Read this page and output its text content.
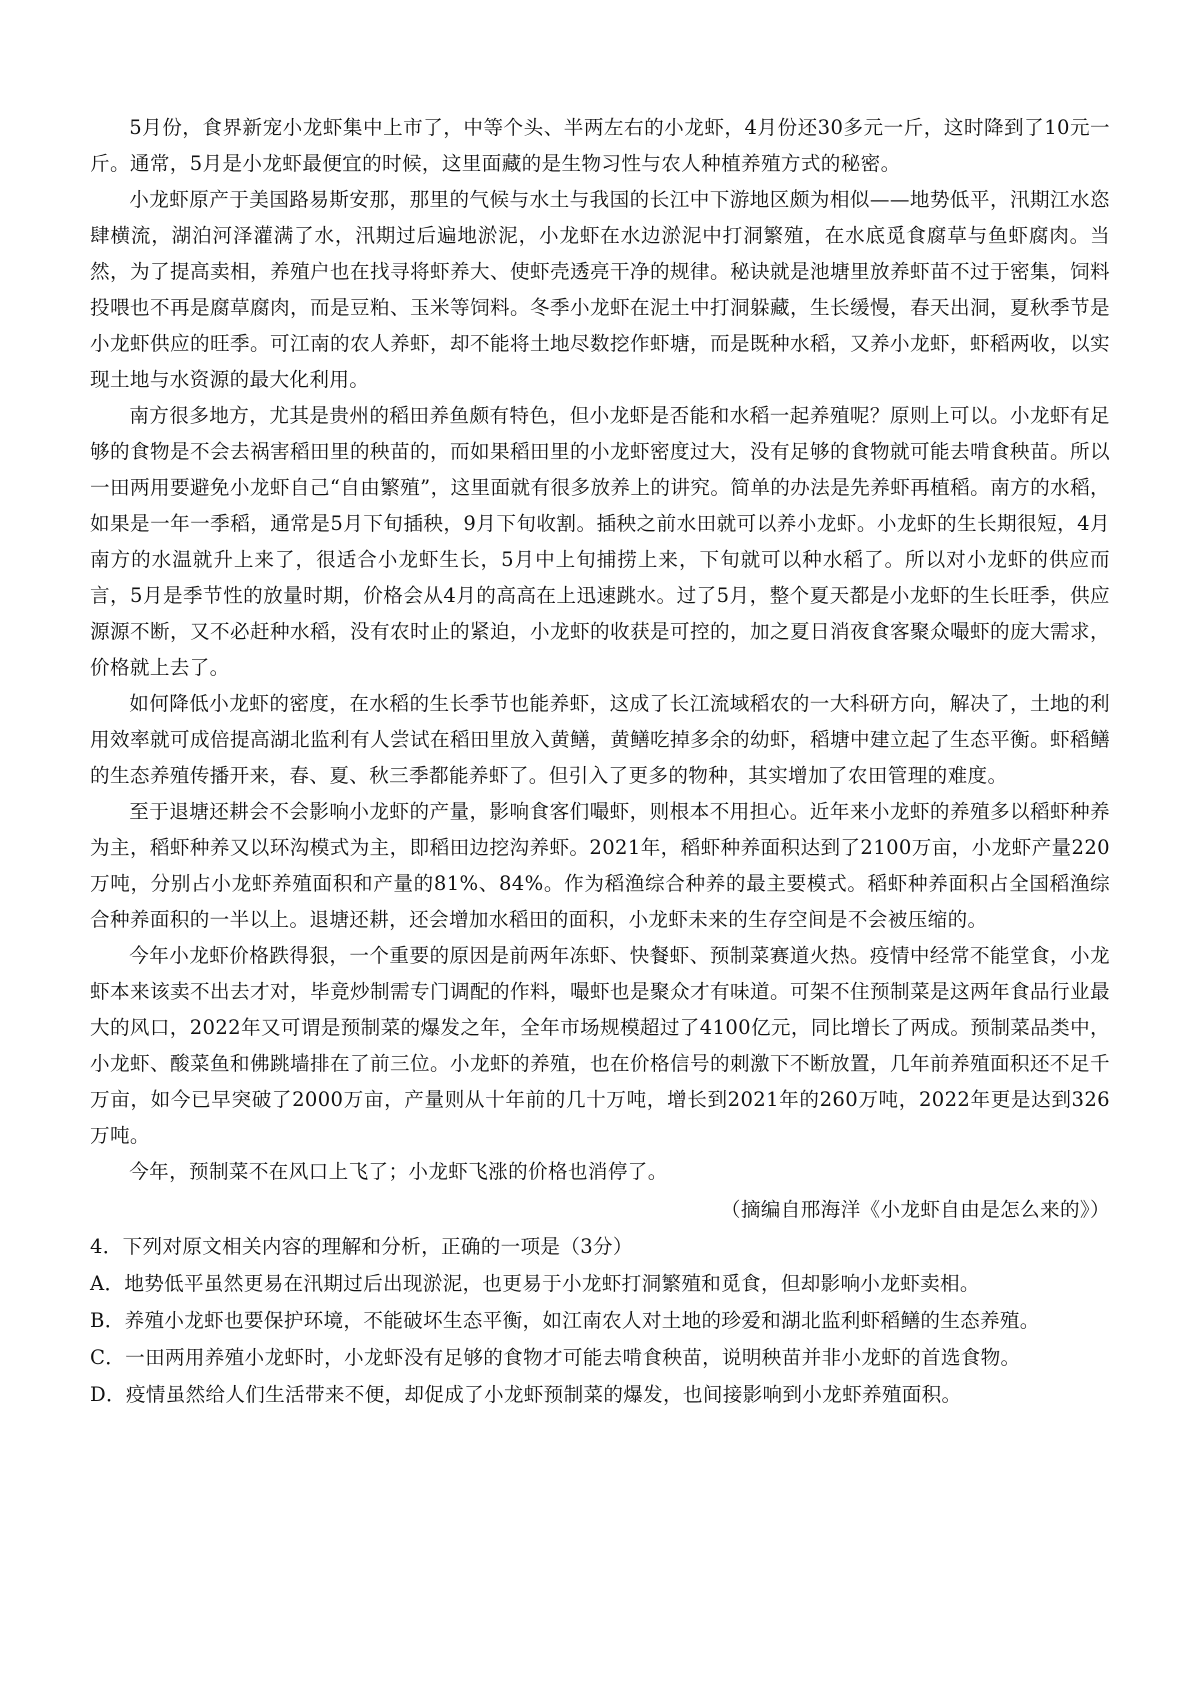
5月份，食界新宠小龙虾集中上市了，中等个头、半两左右的小龙虾，4月份还30多元一斤，这时降到了10元一斤。通常，5月是小龙虾最便宜的时候，这里面藏的是生物习性与农人种植养殖方式的秘密。

小龙虾原产于美国路易斯安那，那里的气候与水土与我国的长江中下游地区颇为相似——地势低平，汛期江水恣肆横流，湖泊河泽灌满了水，汛期过后遍地淤泥，小龙虾在水边淤泥中打洞繁殖，在水底觅食腐草与鱼虾腐肉。当然，为了提高卖相，养殖户也在找寻将虾养大、使虾壳透亮干净的规律。秘诀就是池塘里放养虾苗不过于密集，饲料投喂也不再是腐草腐肉，而是豆粕、玉米等饲料。冬季小龙虾在泥土中打洞躲藏，生长缓慢，春天出洞，夏秋季节是小龙虾供应的旺季。可江南的农人养虾，却不能将土地尽数挖作虾塘，而是既种水稻，又养小龙虾，虾稻两收，以实现土地与水资源的最大化利用。

南方很多地方，尤其是贵州的稻田养鱼颇有特色，但小龙虾是否能和水稻一起养殖呢？原则上可以。小龙虾有足够的食物是不会去祸害稻田里的秧苗的，而如果稻田里的小龙虾密度过大，没有足够的食物就可能去啃食秧苗。所以一田两用要避免小龙虾自己“自由繁殖”，这里面就有很多放养上的讲究。简单的办法是先养虾再植稻。南方的水稻，如果是一年一季稻，通常是5月下旬插秧，9月下旬收割。插秧之前水田就可以养小龙虾。小龙虾的生长期很短，4月南方的水温就升上来了，很适合小龙虾生长，5月中上旬捕捞上来，下旬就可以种水稻了。所以对小龙虾的供应而言，5月是季节性的放量时期，价格会从4月的高高在上迅速跳水。过了5月，整个夏天都是小龙虾的生长旺季，供应源源不断，又不必赶种水稻，没有农时止的紧迫，小龙虾的收获是可控的，加之夏日消夜食客聚众嘬虾的庞大需求，价格就上去了。

如何降低小龙虾的密度，在水稻的生长季节也能养虾，这成了长江流域稻农的一大科研方向，解决了，土地的利用效率就可成倍提高湖北监利有人尝试在稻田里放入黄鳝，黄鳝吃掉多余的幼虾，稻塘中建立起了生态平衡。虾稻鳝的生态养殖传播开来，春、夏、秋三季都能养虾了。但引入了更多的物种，其实增加了农田管理的难度。

至于退塘还耕会不会影响小龙虾的产量，影响食客们嘬虾，则根本不用担心。近年来小龙虾的养殖多以稻虾种养为主，稻虾种养又以环沟模式为主，即稻田边挖沟养虾。2021年，稻虾种养面积达到了2100万亩，小龙虾产量220万吨，分别占小龙虾养殖面积和产量的81%、84%。作为稻渔综合种养的最主要模式。稻虾种养面积占全国稻渔综合种养面积的一半以上。退塘还耕，还会增加水稻田的面积，小龙虾未来的生存空间是不会被压缩的。

今年小龙虾价格跌得狠，一个重要的原因是前两年冻虾、快餐虾、预制菜赛道火热。疫情中经常不能堂食，小龙虾本来该卖不出去才对，毕竟炒制需专门调配的作料，嘬虾也是聚众才有味道。可架不住预制菜是这两年食品行业最大的风口，2022年又可谓是预制菜的爆发之年，全年市场规模超过了4100亿元，同比增长了两成。预制菜品类中，小龙虾、酸菜鱼和佛跳墙排在了前三位。小龙虾的养殖，也在价格信号的刺激下不断放置，几年前养殖面积还不足千万亩，如今已早突破了2000万亩，产量则从十年前的几十万吨，增长到2021年的260万吨，2022年更是达到326万吨。

今年，预制菜不在风口上飞了；小龙虾飞涨的价格也消停了。

（摘编自邢海洋《小龙虾自由是怎么来的》）

4．下列对原文相关内容的理解和分析，正确的一项是（3分）

A．地势低平虽然更易在汛期过后出现淤泥，也更易于小龙虾打洞繁殖和觅食，但却影响小龙虾卖相。

B．养殖小龙虾也要保护环境，不能破坏生态平衡，如江南农人对土地的珍爱和湖北监利虾稻鳝的生态养殖。

C．一田两用养殖小龙虾时，小龙虾没有足够的食物才可能去啃食秧苗，说明秧苗并非小龙虾的首选食物。

D．疫情虽然给人们生活带来不便，却促成了小龙虾预制菜的爆发，也间接影响到小龙虾养殖面积。
